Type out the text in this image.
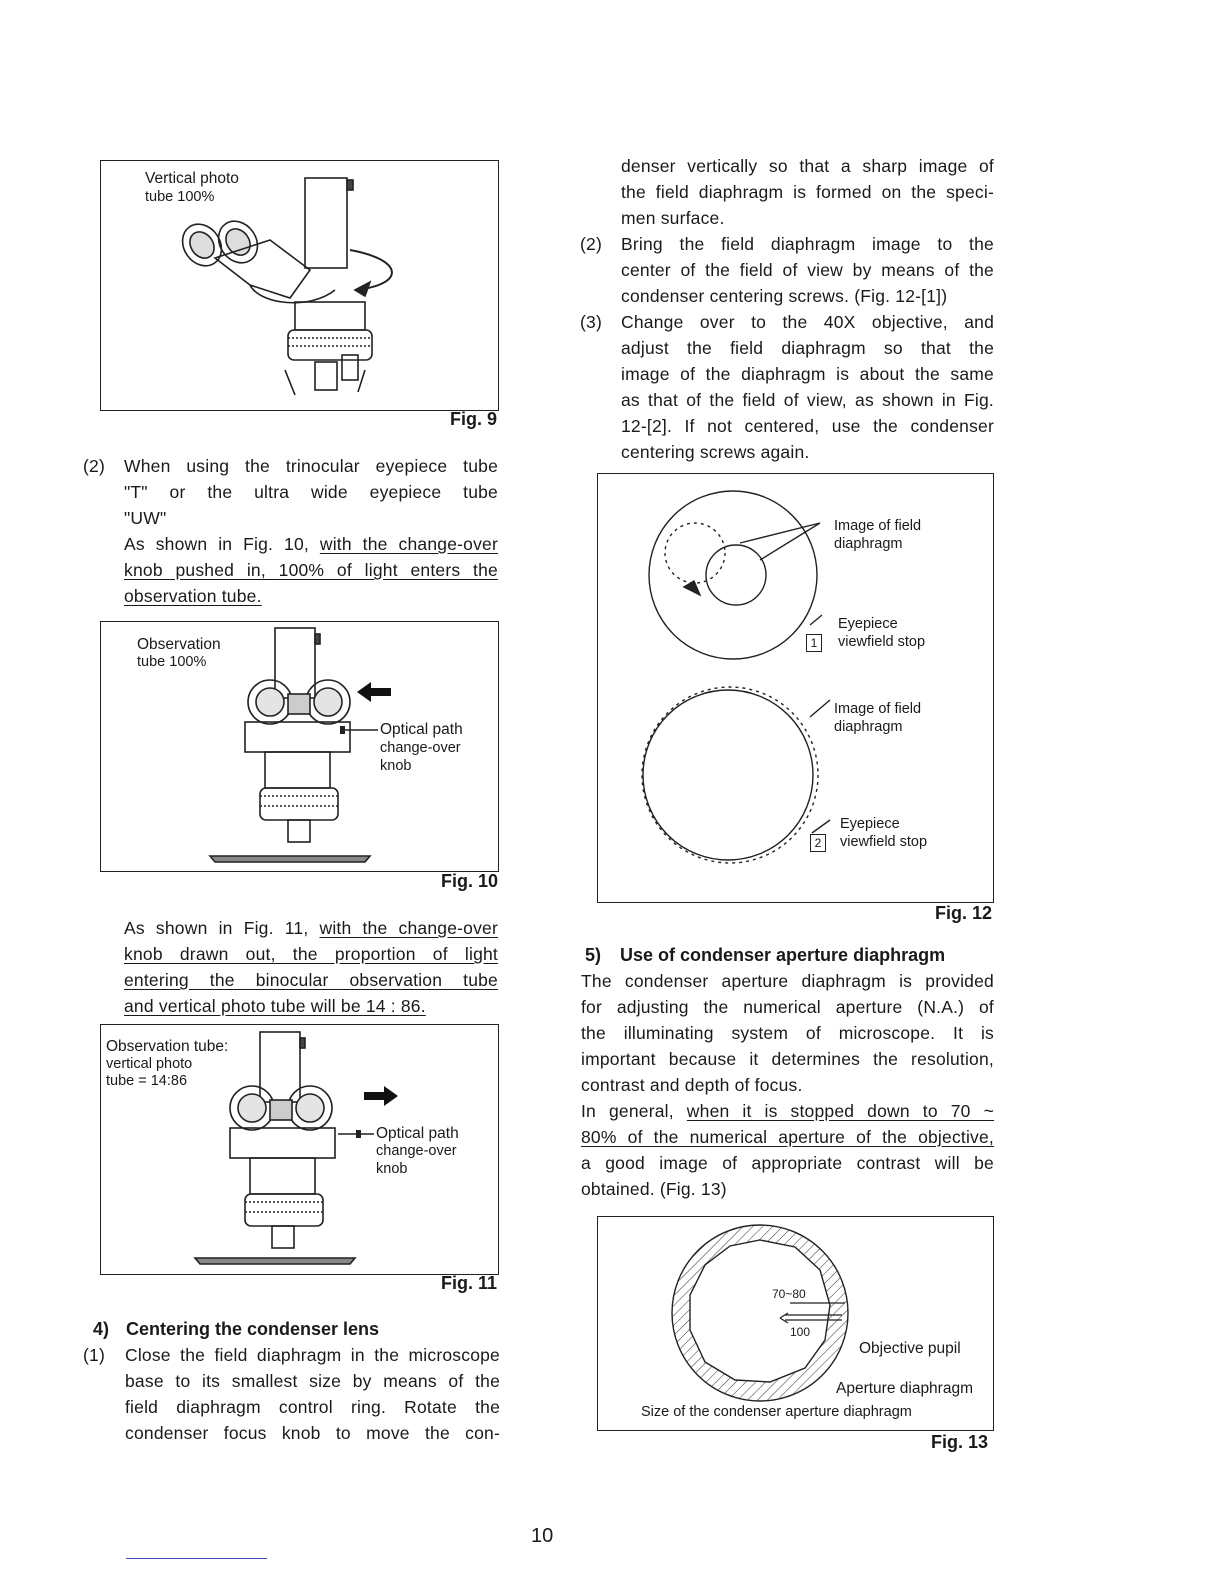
Vertical photo
tube 100%
Fig. 9
(2) When using the trinocular eyepiece tube
"T" or the ultra wide eyepiece tube
"UW"
As shown in Fig. 10, with the change-over
knob pushed in, 100% of light enters the
observation tube.
Observation
tube 100%
Optical path
change-over
knob
Fig. 10
As shown in Fig. 11, with the change-over
knob drawn out, the proportion of light
entering the binocular observation tube
and vertical photo tube will be 14 : 86.
Observation tube:
vertical photo
tube = 14:86
Optical path
change-over
knob
Fig. 11
4) Centering the condenser lens
(1) Close the field diaphragm in the microscope
base to its smallest size by means of the
field diaphragm control ring. Rotate the
condenser focus knob to move the con-
denser vertically so that a sharp image of
the field diaphragm is formed on the speci-
men surface.
(2) Bring the field diaphragm image to the
center of the field of view by means of the
condenser centering screws. (Fig. 12-[1])
(3) Change over to the 40X objective, and
adjust the field diaphragm so that the
image of the diaphragm is about the same
as that of the field of view, as shown in Fig.
12-[2]. If not centered, use the condenser
centering screws again.
Image of field
diaphragm
Eyepiece
1	viewfield stop
Image of field
diaphragm
Eyepiece
2	viewfield stop
Fig. 12
5) Use of condenser aperture diaphragm
The condenser aperture diaphragm is provided
for adjusting the numerical aperture (N.A.) of
the illuminating system of microscope. It is
important because it determines the resolution,
contrast and depth of focus.
In general, when it is stopped down to 70 ~
80% of the numerical aperture of the objective,
a good image of appropriate contrast will be
obtained. (Fig. 13)
70~80
100
Objective pupil
Aperture diaphragm
Size of the condenser aperture diaphragm
Fig. 13
10
